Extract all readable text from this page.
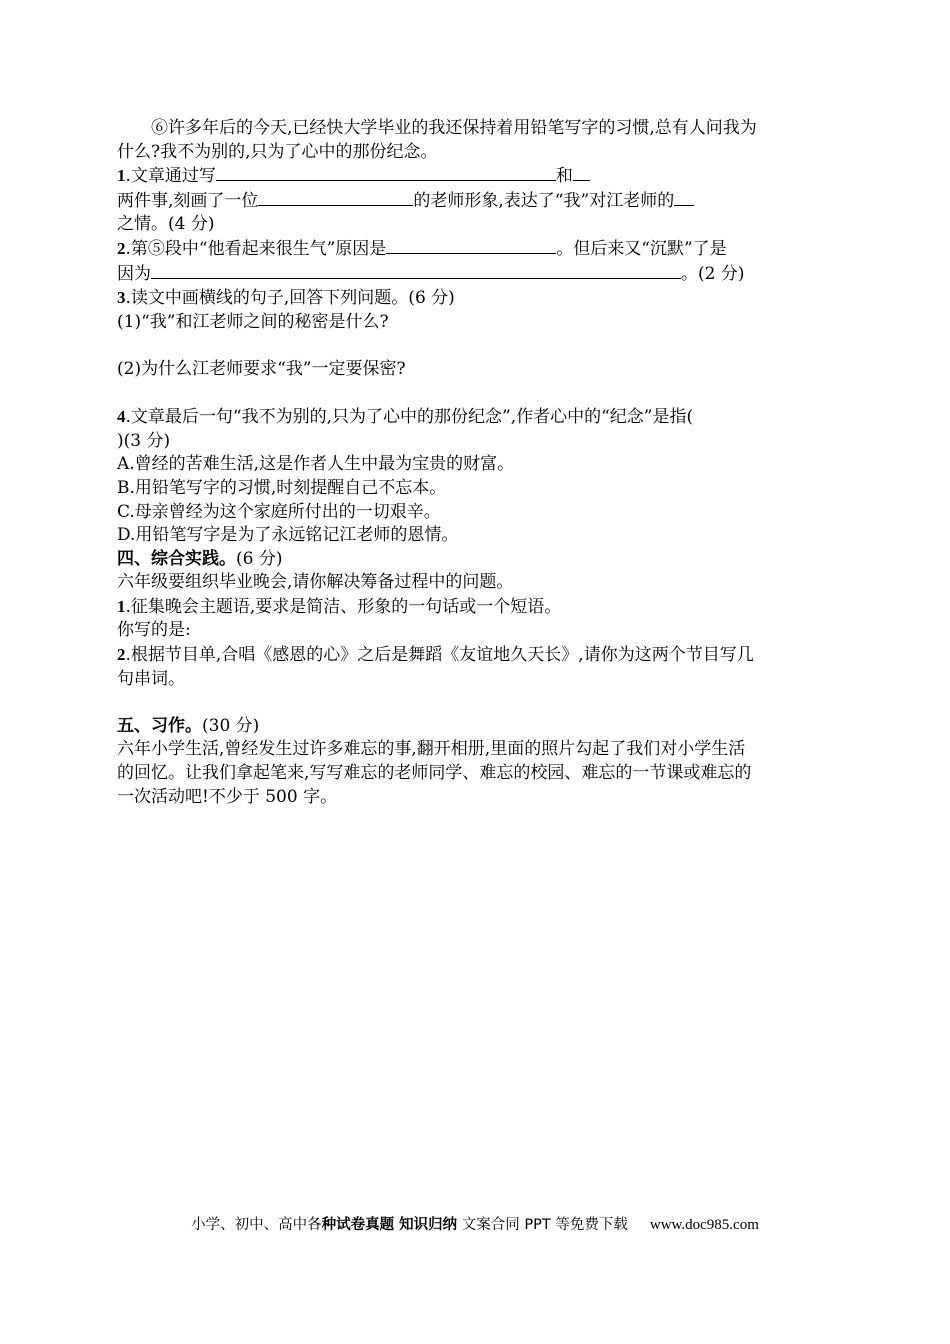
⑥许多年后的今天,已经快大学毕业的我还保持着用铅笔写字的习惯,总有人问我为
什么?我不为别的,只为了心中的那份纪念。
1.文章通过写	和
两件事,刻画了一位	的老师形象,表达了“我”对江老师的
之情。(4 分)
2.第⑤段中“他看起来很生气”原因是	。但后来又“沉默”了是
因为	。(2 分)
3.读文中画横线的句子,回答下列问题。(6 分)
(1)“我”和江老师之间的秘密是什么?
(2)为什么江老师要求“我”一定要保密?
4.文章最后一句“我不为别的,只为了心中的那份纪念”,作者心中的“纪念”是指(
)(3 分)
A.曾经的苦难生活,这是作者人生中最为宝贵的财富。
B.用铅笔写字的习惯,时刻提醒自己不忘本。
C.母亲曾经为这个家庭所付出的一切艰辛。
D.用铅笔写字是为了永远铭记江老师的恩情。
四、综合实践。(6 分)
六年级要组织毕业晚会,请你解决筹备过程中的问题。
1.征集晚会主题语,要求是简洁、形象的一句话或一个短语。
你写的是:
2.根据节目单,合唱《感恩的心》之后是舞蹈《友谊地久天长》,请你为这两个节目写几
句串词。
五、习作。(30 分)
六年小学生活,曾经发生过许多难忘的事,翻开相册,里面的照片勾起了我们对小学生活
的回忆。让我们拿起笔来,写写难忘的老师同学、难忘的校园、难忘的一节课或难忘的
一次活动吧!不少于 500 字。
小学、初中、高中各种试卷真题 知识归纳 文案合同 PPT 等免费下载 www.doc985.com
